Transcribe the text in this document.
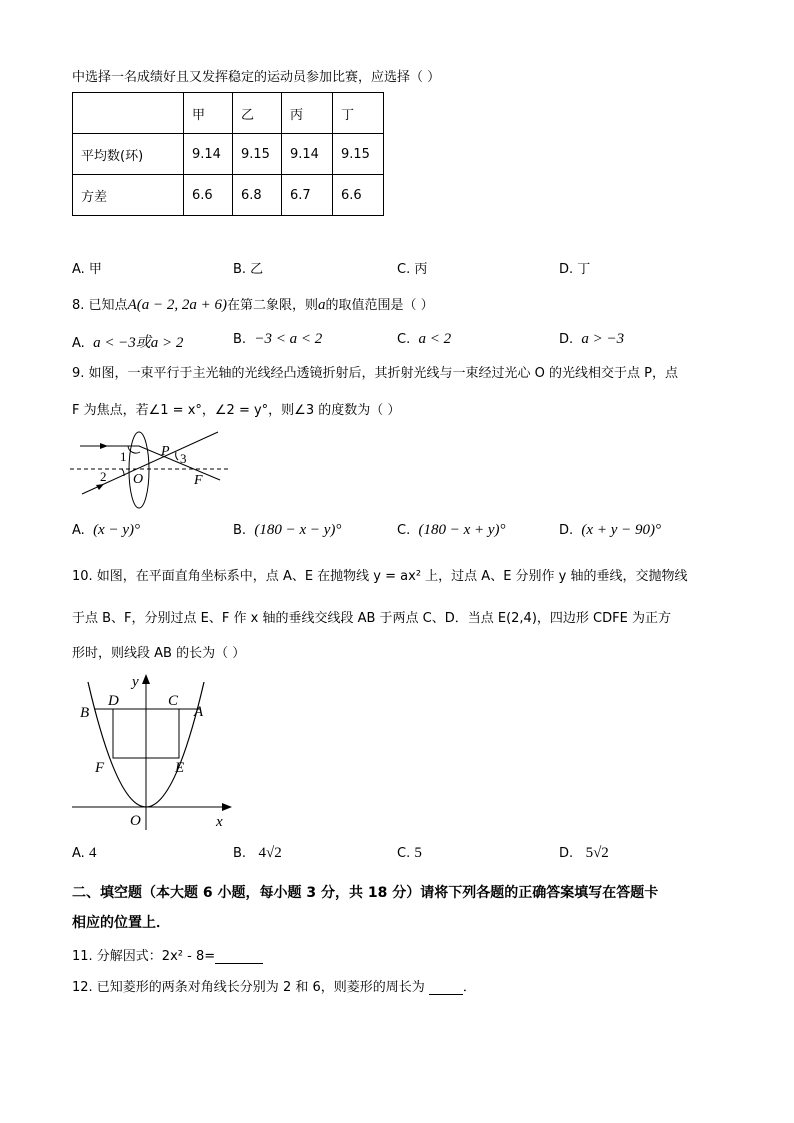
中选择一名成绩好且又发挥稳定的运动员参加比赛，应选择（ ）
	甲	乙	丙	丁
平均数(环)	9.14	9.15	9.14	9.15
方差	6.6	6.8	6.7	6.6
A. 甲	B. 乙	C. 丙	D. 丁
8. 已知点A(a − 2, 2a + 6)在第二象限，则a的取值范围是（ ）
A. a < −3或a > 2	B. −3 < a < 2	C. a < 2	D. a > −3
9. 如图，一束平行于主光轴的光线经凸透镜折射后，其折射光线与一束经过光心 O 的光线相交于点 P，点
F 为焦点，若∠1 = x°，∠2 = y°，则∠3 的度数为（ ）
1
2
3
P
O	F
A. (x − y)°	B. (180 − x − y)°	C. (180 − x + y)°	D. (x + y − 90)°
10. 如图，在平面直角坐标系中，点 A、E 在抛物线 y = ax² 上，过点 A、E 分别作 y 轴的垂线，交抛物线
于点 B、F，分别过点 E、F 作 x 轴的垂线交线段 AB 于两点 C、D．当点 E(2,4)，四边形 CDFE 为正方
形时，则线段 AB 的长为（ ）
B
D	C
A
F	E
O	x
y
A. 4	B. 4√2	C. 5	D. 5√2
二、填空题（本大题 6 小题，每小题 3 分，共 18 分）请将下列各题的正确答案填写在答题卡
相应的位置上．
11. 分解因式：2x² - 8=
12. 已知菱形的两条对角线长分别为 2 和 6，则菱形的周长为	．
